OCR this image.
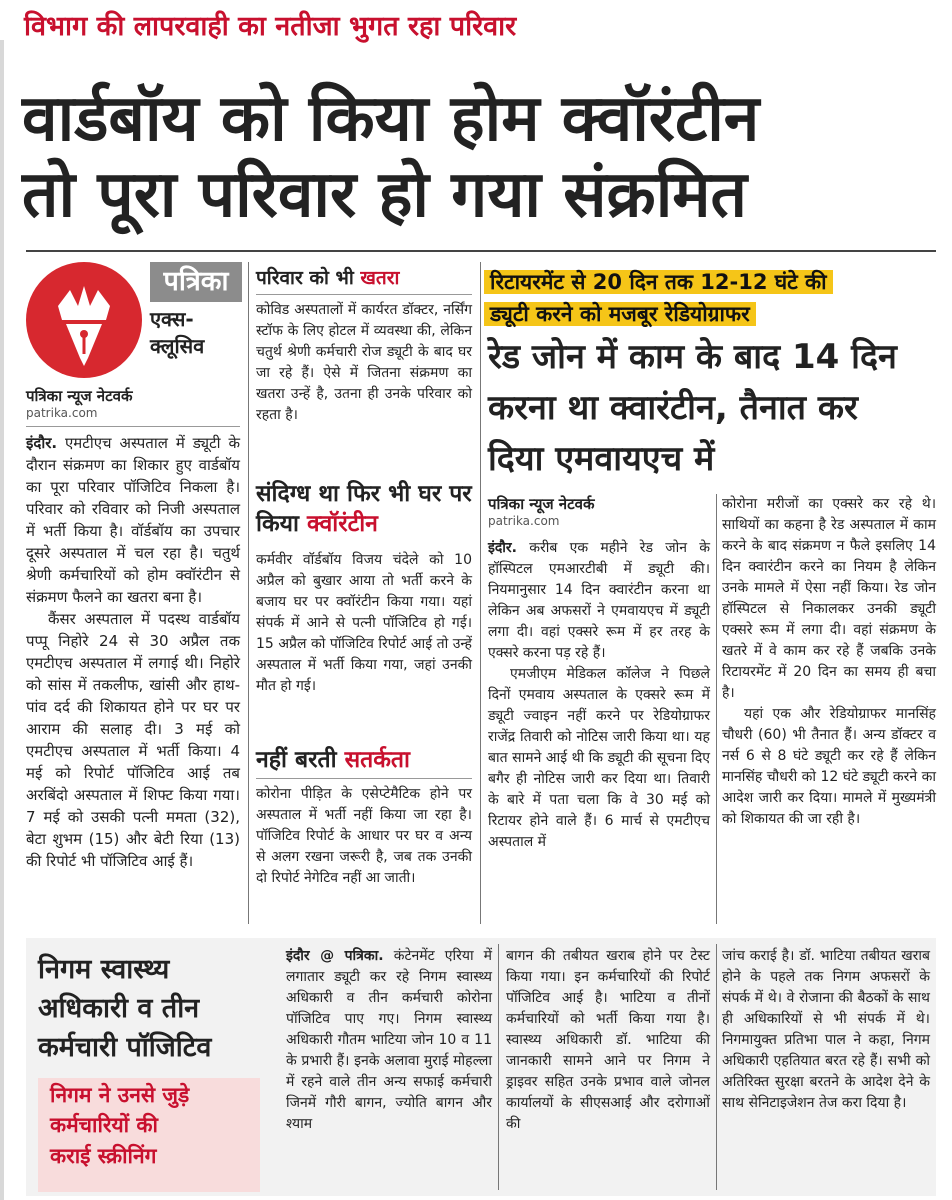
विभाग की लापरवाही का नतीजा भुगत रहा परिवार
वार्डबॉय को किया होम क्वॉरंटीन
तो पूरा परिवार हो गया संक्रमित
पत्रिका
एक्स-
क्लूसिव
पत्रिका न्यूज नेटवर्क
patrika.com

इंदौर. एमटीएच अस्पताल में ड्यूटी के दौरान संक्रमण का शिकार हुए वार्डबॉय का पूरा परिवार पॉजिटिव निकला है। परिवार को रविवार को निजी अस्पताल में भर्ती किया है। वॉर्डबॉय का उपचार दूसरे अस्पताल में चल रहा है। चतुर्थ श्रेणी कर्मचारियों को होम क्वॉरंटीन से संक्रमण फैलने का खतरा बना है।

कैंसर अस्पताल में पदस्थ वार्डबॉय पप्पू निहोरे 24 से 30 अप्रैल तक एमटीएच अस्पताल में लगाई थी। निहोरे को सांस में तकलीफ, खांसी और हाथ-पांव दर्द की शिकायत होने पर घर पर आराम की सलाह दी। 3 मई को एमटीएच अस्पताल में भर्ती किया। 4 मई को रिपोर्ट पॉजिटिव आई तब अरबिंदो अस्पताल में शिफ्ट किया गया। 7 मई को उसकी पत्नी ममता (32), बेटा शुभम (15) और बेटी रिया (13) की रिपोर्ट भी पॉजिटिव आई हैं।

परिवार को भी खतरा

कोविड अस्पतालों में कार्यरत डॉक्टर, नर्सिंग स्टॉफ के लिए होटल में व्यवस्था की, लेकिन चतुर्थ श्रेणी कर्मचारी रोज ड्यूटी के बाद घर जा रहे हैं। ऐसे में जितना संक्रमण का खतरा उन्हें है, उतना ही उनके परिवार को रहता है।

संदिग्ध था फिर भी घर पर किया क्वॉरंटीन

कर्मवीर वॉर्डबॉय विजय चंदेले को 10 अप्रैल को बुखार आया तो भर्ती करने के बजाय घर पर क्वॉरंटीन किया गया। यहां संपर्क में आने से पत्नी पॉजिटिव हो गई। 15 अप्रैल को पॉजिटिव रिपोर्ट आई तो उन्हें अस्पताल में भर्ती किया गया, जहां उनकी मौत हो गई।

नहीं बरती सतर्कता

कोरोना पीड़ित के एसेप्टेमैटिक होने पर अस्पताल में भर्ती नहीं किया जा रहा है। पॉजिटिव रिपोर्ट के आधार पर घर व अन्य से अलग रखना जरूरी है, जब तक उनकी दो रिपोर्ट नेगेटिव नहीं आ जाती।

रिटायरमेंट से 20 दिन तक 12-12 घंटे की
ड्यूटी करने को मजबूर रेडियोग्राफर
रेड जोन में काम के बाद 14 दिन
करना था क्वारंटीन, तैनात कर
दिया एमवायएच में
पत्रिका न्यूज नेटवर्क
patrika.com

इंदौर. करीब एक महीने रेड जोन के हॉस्पिटल एमआरटीबी में ड्यूटी की। नियमानुसार 14 दिन क्वारंटीन करना था लेकिन अब अफसरों ने एमवायएच में ड्यूटी लगा दी। वहां एक्सरे रूम में हर तरह के एक्सरे करना पड़ रहे हैं।

एमजीएम मेडिकल कॉलेज ने पिछले दिनों एमवाय अस्पताल के एक्सरे रूम में ड्यूटी ज्वाइन नहीं करने पर रेडियोग्राफर राजेंद्र तिवारी को नोटिस जारी किया था। यह बात सामने आई थी कि ड्यूटी की सूचना दिए बगैर ही नोटिस जारी कर दिया था। तिवारी के बारे में पता चला कि वे 30 मई को रिटायर होने वाले हैं। 6 मार्च से एमटीएच अस्पताल में

कोरोना मरीजों का एक्सरे कर रहे थे। साथियों का कहना है रेड अस्पताल में काम करने के बाद संक्रमण न फैले इसलिए 14 दिन क्वारंटीन करने का नियम है लेकिन उनके मामले में ऐसा नहीं किया। रेड जोन हॉस्पिटल से निकालकर उनकी ड्यूटी एक्सरे रूम में लगा दी। वहां संक्रमण के खतरे में वे काम कर रहे हैं जबकि उनके रिटायरमेंट में 20 दिन का समय ही बचा है।

यहां एक और रेडियोग्राफर मानसिंह चौधरी (60) भी तैनात हैं। अन्य डॉक्टर व नर्स 6 से 8 घंटे ड्यूटी कर रहे हैं लेकिन मानसिंह चौधरी को 12 घंटे ड्यूटी करने का आदेश जारी कर दिया। मामले में मुख्यमंत्री को शिकायत की जा रही है।

निगम स्वास्थ्य
अधिकारी व तीन
कर्मचारी पॉजिटिव
निगम ने उनसे जुड़े
कर्मचारियों की
कराई स्क्रीनिंग

इंदौर @ पत्रिका. कंटेनमेंट एरिया में लगातार ड्यूटी कर रहे निगम स्वास्थ्य अधिकारी व तीन कर्मचारी कोरोना पॉजिटिव पाए गए। निगम स्वास्थ्य अधिकारी गौतम भाटिया जोन 10 व 11 के प्रभारी हैं। इनके अलावा मुराई मोहल्ला में रहने वाले तीन अन्य सफाई कर्मचारी जिनमें गौरी बागन, ज्योति बागन और श्याम

बागन की तबीयत खराब होने पर टेस्ट किया गया। इन कर्मचारियों की रिपोर्ट पॉजिटिव आई है। भाटिया व तीनों कर्मचारियों को भर्ती किया गया है। स्वास्थ्य अधिकारी डॉ. भाटिया की जानकारी सामने आने पर निगम ने ड्राइवर सहित उनके प्रभाव वाले जोनल कार्यालयों के सीएसआई और दरोगाओं की

जांच कराई है। डॉ. भाटिया तबीयत खराब होने के पहले तक निगम अफसरों के संपर्क में थे। वे रोजाना की बैठकों के साथ ही अधिकारियों से भी संपर्क में थे। निगमायुक्त प्रतिभा पाल ने कहा, निगम अधिकारी एहतियात बरत रहे हैं। सभी को अतिरिक्त सुरक्षा बरतने के आदेश देने के साथ सेनिटाइजेशन तेज करा दिया है।
